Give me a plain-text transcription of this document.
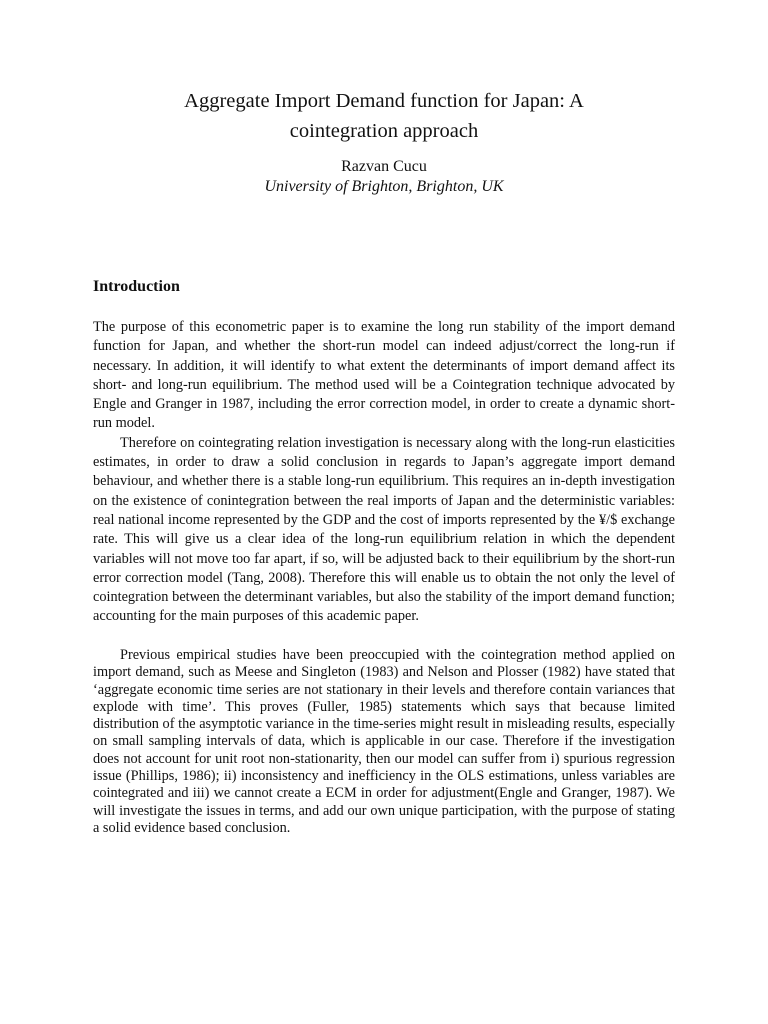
Aggregate Import Demand function for Japan: A
cointegration approach
Razvan Cucu
University of Brighton, Brighton, UK
Introduction

The purpose of this econometric paper is to examine the long run stability of the import demand function for Japan, and whether the short-run model can indeed adjust/correct the long-run if necessary. In addition, it will identify to what extent the determinants of import demand affect its short- and long-run equilibrium. The method used will be a Cointegration technique advocated by Engle and Granger in 1987, including the error correction model, in order to create a dynamic short-run model.

Therefore on cointegrating relation investigation is necessary along with the long-run elasticities estimates, in order to draw a solid conclusion in regards to Japan’s aggregate import demand behaviour, and whether there is a stable long-run equilibrium. This requires an in-depth investigation on the existence of conintegration between the real imports of Japan and the deterministic variables: real national income represented by the GDP and the cost of imports represented by the ¥/$ exchange rate. This will give us a clear idea of the long-run equilibrium relation in which the dependent variables will not move too far apart, if so, will be adjusted back to their equilibrium by the short-run error correction model (Tang, 2008). Therefore this will enable us to obtain the not only the level of cointegration between the determinant variables, but also the stability of the import demand function; accounting for the main purposes of this academic paper.

Previous empirical studies have been preoccupied with the cointegration method applied on import demand, such as Meese and Singleton (1983) and Nelson and Plosser (1982) have stated that ‘aggregate economic time series are not stationary in their levels and therefore contain variances that explode with time’. This proves (Fuller, 1985) statements which says that because limited distribution of the asymptotic variance in the time-series might result in misleading results, especially on small sampling intervals of data, which is applicable in our case. Therefore if the investigation does not account for unit root non-stationarity, then our model can suffer from i) spurious regression issue (Phillips, 1986); ii) inconsistency and inefficiency in the OLS estimations, unless variables are cointegrated and iii) we cannot create a ECM in order for adjustment(Engle and Granger, 1987). We will investigate the issues in terms, and add our own unique participation, with the purpose of stating a solid evidence based conclusion.
